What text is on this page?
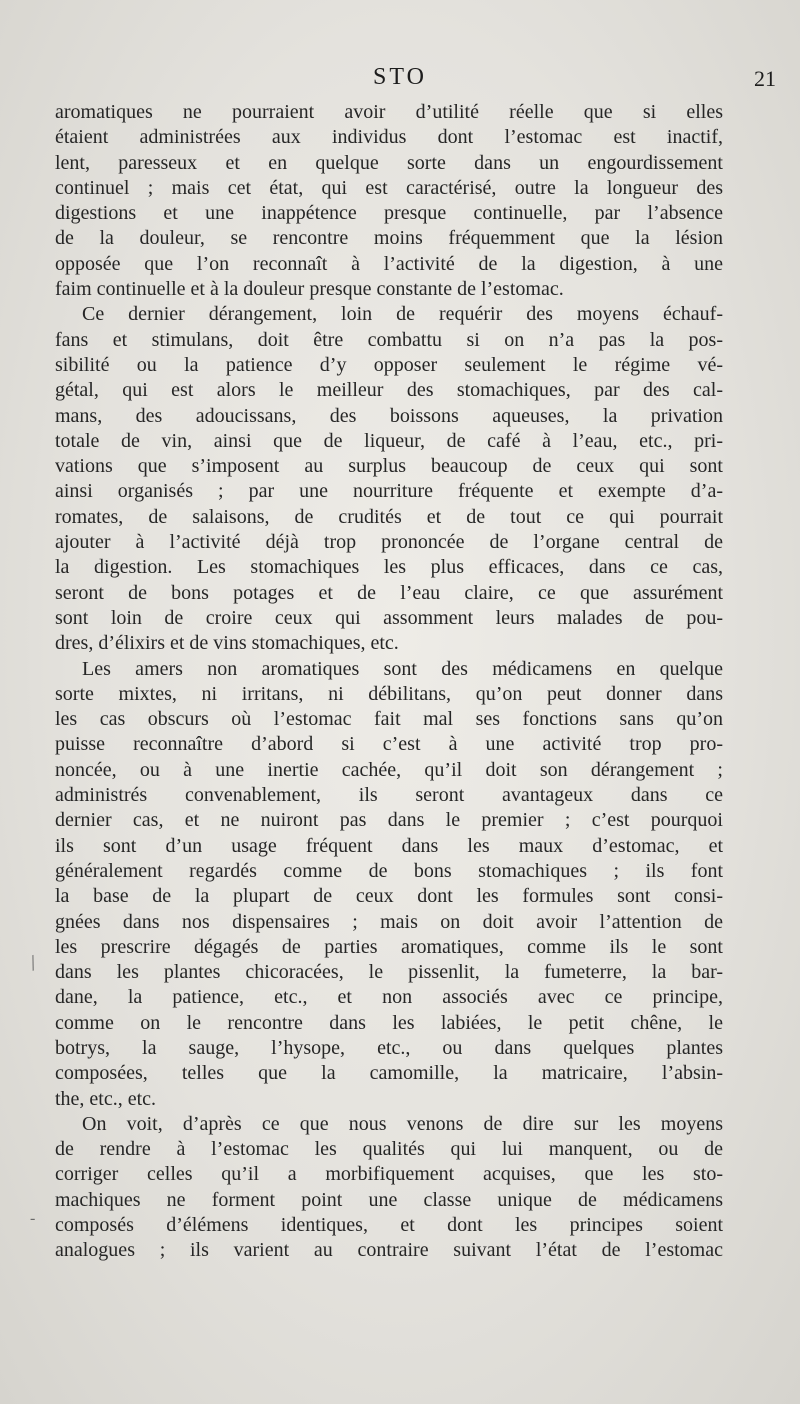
STO	21
/
-
aromatiques ne pourraient avoir d’utilité réelle que si elles
étaient administrées aux individus dont l’estomac est inactif,
lent, paresseux et en quelque sorte dans un engourdissement
continuel ; mais cet état, qui est caractérisé, outre la longueur des
digestions et une inappétence presque continuelle, par l’absence
de la douleur, se rencontre moins fréquemment que la lésion
opposée que l’on reconnaît à l’activité de la digestion, à une
faim continuelle et à la douleur presque constante de l’estomac.
Ce dernier dérangement, loin de requérir des moyens échauf-
fans et stimulans, doit être combattu si on n’a pas la pos-
sibilité ou la patience d’y opposer seulement le régime vé-
gétal, qui est alors le meilleur des stomachiques, par des cal-
mans, des adoucissans, des boissons aqueuses, la privation
totale de vin, ainsi que de liqueur, de café à l’eau, etc., pri-
vations que s’imposent au surplus beaucoup de ceux qui sont
ainsi organisés ; par une nourriture fréquente et exempte d’a-
romates, de salaisons, de crudités et de tout ce qui pourrait
ajouter à l’activité déjà trop prononcée de l’organe central de
la digestion. Les stomachiques les plus efficaces, dans ce cas,
seront de bons potages et de l’eau claire, ce que assurément
sont loin de croire ceux qui assomment leurs malades de pou-
dres, d’élixirs et de vins stomachiques, etc.
Les amers non aromatiques sont des médicamens en quelque
sorte mixtes, ni irritans, ni débilitans, qu’on peut donner dans
les cas obscurs où l’estomac fait mal ses fonctions sans qu’on
puisse reconnaître d’abord si c’est à une activité trop pro-
noncée, ou à une inertie cachée, qu’il doit son dérangement ;
administrés convenablement, ils seront avantageux dans ce
dernier cas, et ne nuiront pas dans le premier ; c’est pourquoi
ils sont d’un usage fréquent dans les maux d’estomac, et
généralement regardés comme de bons stomachiques ; ils font
la base de la plupart de ceux dont les formules sont consi-
gnées dans nos dispensaires ; mais on doit avoir l’attention de
les prescrire dégagés de parties aromatiques, comme ils le sont
dans les plantes chicoracées, le pissenlit, la fumeterre, la bar-
dane, la patience, etc., et non associés avec ce principe,
comme on le rencontre dans les labiées, le petit chêne, le
botrys, la sauge, l’hysope, etc., ou dans quelques plantes
composées, telles que la camomille, la matricaire, l’absin-
the, etc., etc.
On voit, d’après ce que nous venons de dire sur les moyens
de rendre à l’estomac les qualités qui lui manquent, ou de
corriger celles qu’il a morbifiquement acquises, que les sto-
machiques ne forment point une classe unique de médicamens
composés d’élémens identiques, et dont les principes soient
analogues ; ils varient au contraire suivant l’état de l’estomac
